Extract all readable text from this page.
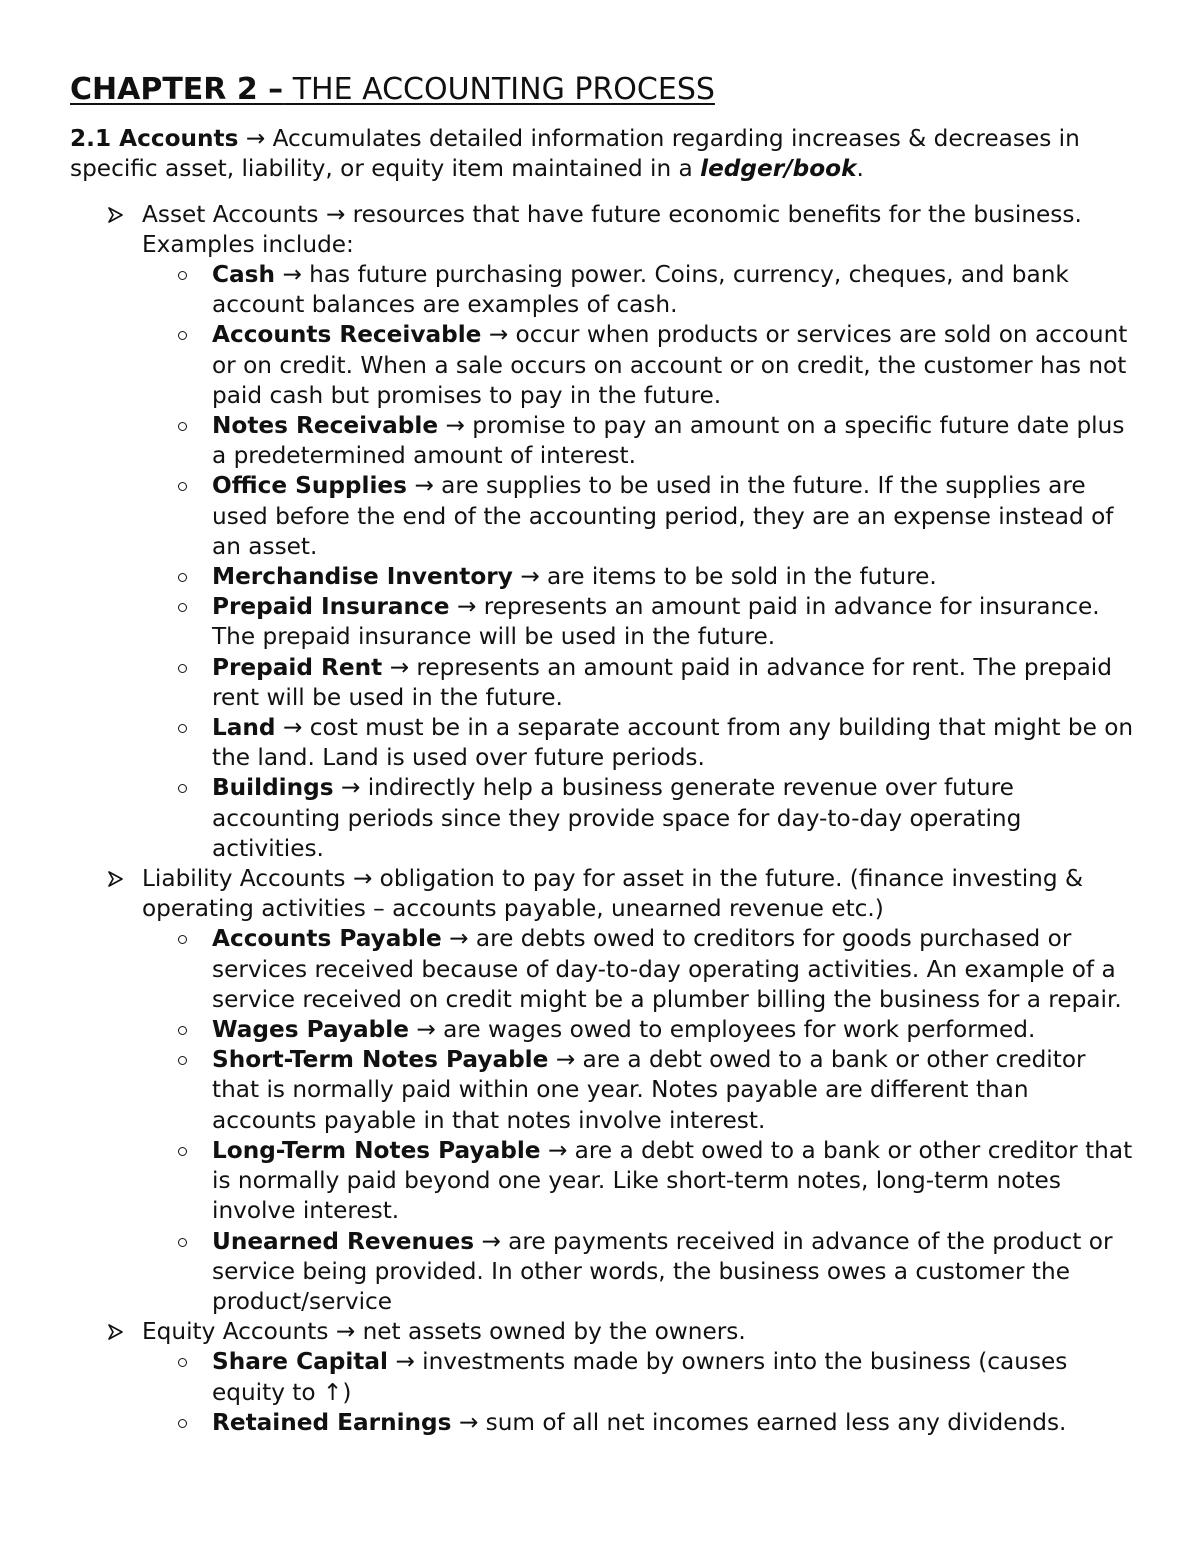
CHAPTER 2 – THE ACCOUNTING PROCESS
2.1 Accounts → Accumulates detailed information regarding increases & decreases in specific asset, liability, or equity item maintained in a ledger/book.
Asset Accounts → resources that have future economic benefits for the business. Examples include:
Cash → has future purchasing power. Coins, currency, cheques, and bank account balances are examples of cash.
Accounts Receivable → occur when products or services are sold on account or on credit. When a sale occurs on account or on credit, the customer has not paid cash but promises to pay in the future.
Notes Receivable → promise to pay an amount on a specific future date plus a predetermined amount of interest.
Office Supplies → are supplies to be used in the future. If the supplies are used before the end of the accounting period, they are an expense instead of an asset.
Merchandise Inventory → are items to be sold in the future.
Prepaid Insurance → represents an amount paid in advance for insurance. The prepaid insurance will be used in the future.
Prepaid Rent → represents an amount paid in advance for rent. The prepaid rent will be used in the future.
Land → cost must be in a separate account from any building that might be on the land. Land is used over future periods.
Buildings → indirectly help a business generate revenue over future accounting periods since they provide space for day-to-day operating activities.
Liability Accounts → obligation to pay for asset in the future. (finance investing & operating activities – accounts payable, unearned revenue etc.)
Accounts Payable → are debts owed to creditors for goods purchased or services received because of day-to-day operating activities. An example of a service received on credit might be a plumber billing the business for a repair.
Wages Payable → are wages owed to employees for work performed.
Short-Term Notes Payable → are a debt owed to a bank or other creditor that is normally paid within one year. Notes payable are different than accounts payable in that notes involve interest.
Long-Term Notes Payable → are a debt owed to a bank or other creditor that is normally paid beyond one year. Like short-term notes, long-term notes involve interest.
Unearned Revenues → are payments received in advance of the product or service being provided. In other words, the business owes a customer the product/service
Equity Accounts → net assets owned by the owners.
Share Capital → investments made by owners into the business (causes equity to ↑)
Retained Earnings → sum of all net incomes earned less any dividends.
